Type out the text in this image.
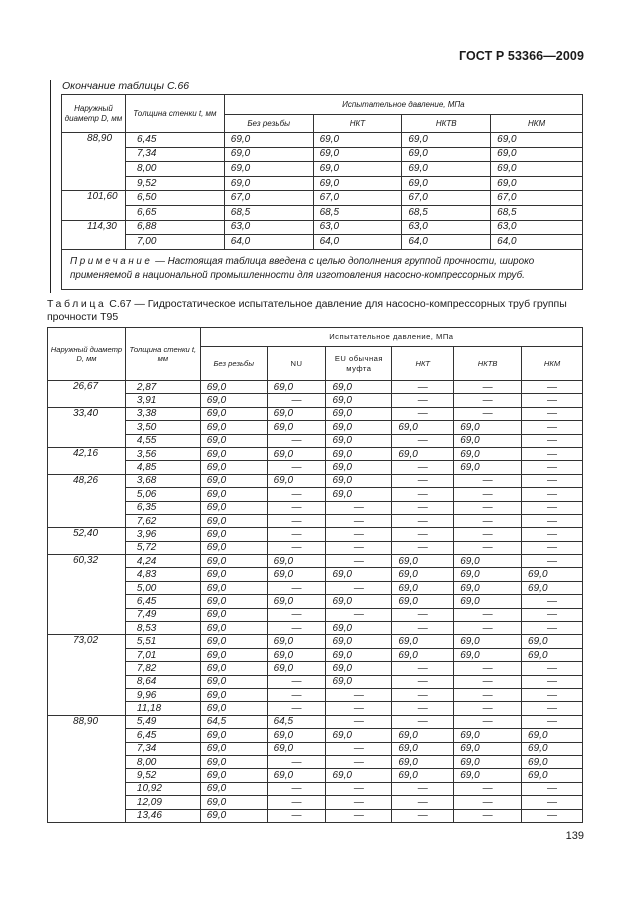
ГОСТ Р 53366—2009
Окончание таблицы С.66
Наружный диаметр D, мм	Толщина стенки t, мм	Испытательное давление, МПа			
		Без резьбы	НКТ	НКТВ	НКМ
88,90	6,45	69,0	69,0	69,0	69,0
	7,34	69,0	69,0	69,0	69,0
	8,00	69,0	69,0	69,0	69,0
	9,52	69,0	69,0	69,0	69,0
101,60	6,50	67,0	67,0	67,0	67,0
	6,65	68,5	68,5	68,5	68,5
114,30	6,88	63,0	63,0	63,0	63,0
	7,00	64,0	64,0	64,0	64,0
Примечание — Настоящая таблица введена с целью дополнения группой прочности, широко применяемой в национальной промышленности для изготовления насосно-компрессорных труб.					
Таблица С.67 — Гидростатическое испытательное давление для насосно-компрессорных труб группы прочности Т95
Наружный диаметр D, мм	Толщина стенки t, мм	Испытательное давление, МПа					
		Без резьбы	NU	EU обычная муфта	НКТ	НКТВ	НКМ
26,67	2,87	69,0	69,0	69,0	—	—	—
	3,91	69,0	—	69,0	—	—	—
33,40	3,38	69,0	69,0	69,0	—	—	—
	3,50	69,0	69,0	69,0	69,0	69,0	—
	4,55	69,0	—	69,0	—	69,0	—
42,16	3,56	69,0	69,0	69,0	69,0	69,0	—
	4,85	69,0	—	69,0	—	69,0	—
48,26	3,68	69,0	69,0	69,0	—	—	—
	5,06	69,0	—	69,0	—	—	—
	6,35	69,0	—	—	—	—	—
	7,62	69,0	—	—	—	—	—
52,40	3,96	69,0	—	—	—	—	—
	5,72	69,0	—	—	—	—	—
60,32	4,24	69,0	69,0	—	69,0	69,0	—
	4,83	69,0	69,0	69,0	69,0	69,0	69,0
	5,00	69,0	—	—	69,0	69,0	69,0
	6,45	69,0	69,0	69,0	69,0	69,0	—
	7,49	69,0	—	—	—	—	—
	8,53	69,0	—	69,0	—	—	—
73,02	5,51	69,0	69,0	69,0	69,0	69,0	69,0
	7,01	69,0	69,0	69,0	69,0	69,0	69,0
	7,82	69,0	69,0	69,0	—	—	—
	8,64	69,0	—	69,0	—	—	—
	9,96	69,0	—	—	—	—	—
	11,18	69,0	—	—	—	—	—
88,90	5,49	64,5	64,5	—	—	—	—
	6,45	69,0	69,0	69,0	69,0	69,0	69,0
	7,34	69,0	69,0	—	69,0	69,0	69,0
	8,00	69,0	—	—	69,0	69,0	69,0
	9,52	69,0	69,0	69,0	69,0	69,0	69,0
	10,92	69,0	—	—	—	—	—
	12,09	69,0	—	—	—	—	—
	13,46	69,0	—	—	—	—	—
139
